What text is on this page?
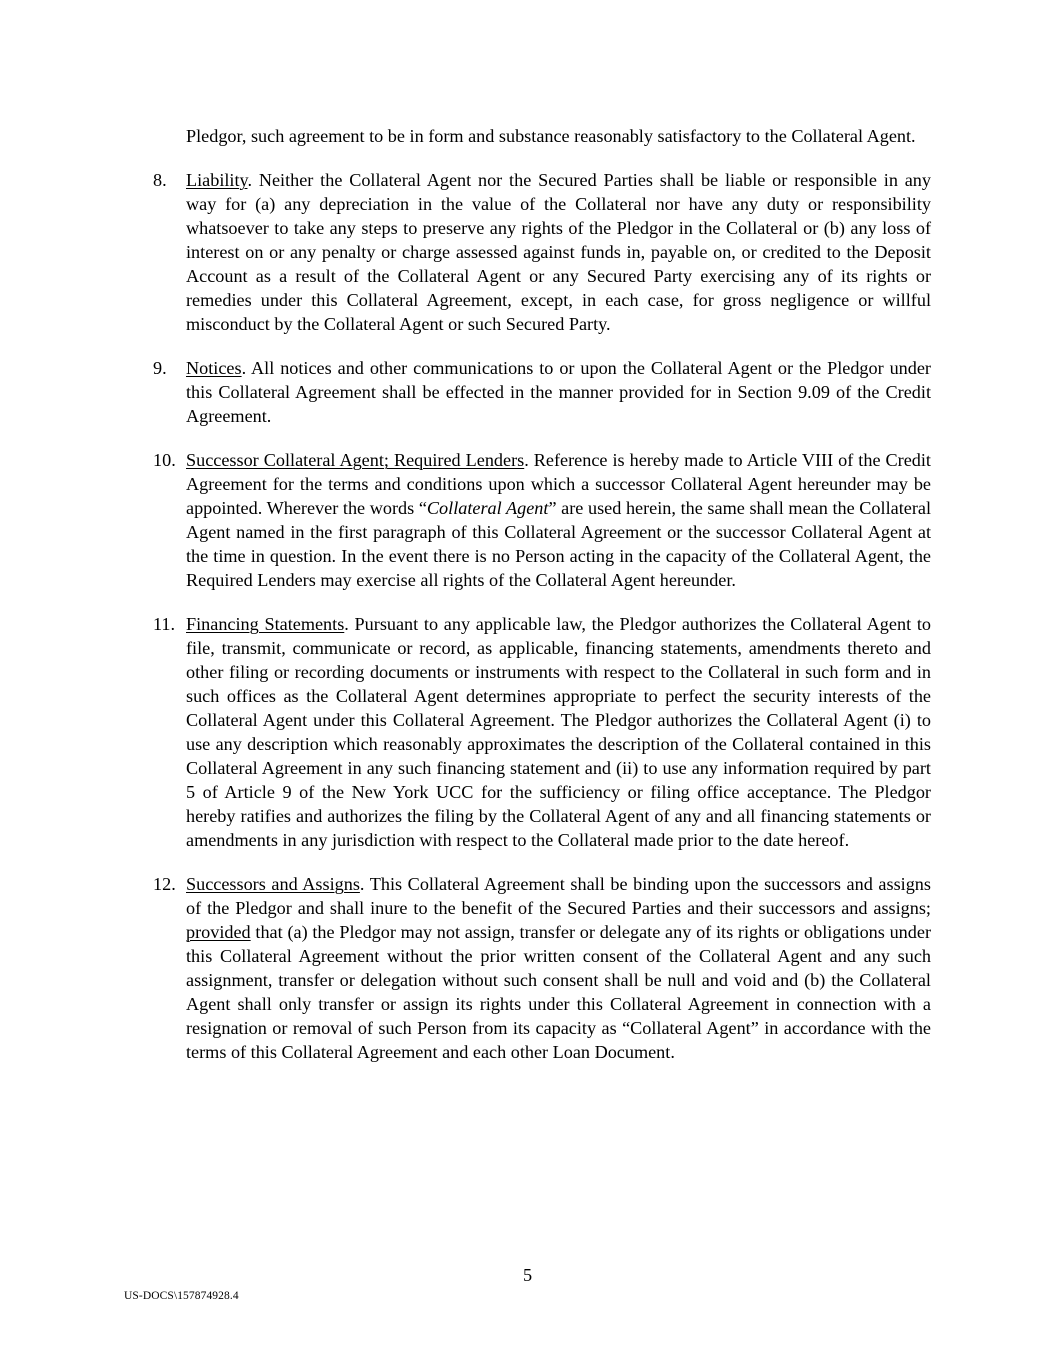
Pledgor, such agreement to be in form and substance reasonably satisfactory to the Collateral Agent.

8.	Liability. Neither the Collateral Agent nor the Secured Parties shall be liable or responsible in any way for (a) any depreciation in the value of the Collateral nor have any duty or responsibility whatsoever to take any steps to preserve any rights of the Pledgor in the Collateral or (b) any loss of interest on or any penalty or charge assessed against funds in, payable on, or credited to the Deposit Account as a result of the Collateral Agent or any Secured Party exercising any of its rights or remedies under this Collateral Agreement, except, in each case, for gross negligence or willful misconduct by the Collateral Agent or such Secured Party.
9.	Notices. All notices and other communications to or upon the Collateral Agent or the Pledgor under this Collateral Agreement shall be effected in the manner provided for in Section 9.09 of the Credit Agreement.
10. Successor Collateral Agent; Required Lenders. Reference is hereby made to Article VIII of the Credit Agreement for the terms and conditions upon which a successor Collateral Agent hereunder may be appointed. Wherever the words “Collateral Agent” are used herein, the same shall mean the Collateral Agent named in the first paragraph of this Collateral Agreement or the successor Collateral Agent at the time in question. In the event there is no Person acting in the capacity of the Collateral Agent, the Required Lenders may exercise all rights of the Collateral Agent hereunder.
11. Financing Statements. Pursuant to any applicable law, the Pledgor authorizes the Collateral Agent to file, transmit, communicate or record, as applicable, financing statements, amendments thereto and other filing or recording documents or instruments with respect to the Collateral in such form and in such offices as the Collateral Agent determines appropriate to perfect the security interests of the Collateral Agent under this Collateral Agreement. The Pledgor authorizes the Collateral Agent (i) to use any description which reasonably approximates the description of the Collateral contained in this Collateral Agreement in any such financing statement and (ii) to use any information required by part 5 of Article 9 of the New York UCC for the sufficiency or filing office acceptance. The Pledgor hereby ratifies and authorizes the filing by the Collateral Agent of any and all financing statements or amendments in any jurisdiction with respect to the Collateral made prior to the date hereof.
12. Successors and Assigns. This Collateral Agreement shall be binding upon the successors and assigns of the Pledgor and shall inure to the benefit of the Secured Parties and their successors and assigns; provided that (a) the Pledgor may not assign, transfer or delegate any of its rights or obligations under this Collateral Agreement without the prior written consent of the Collateral Agent and any such assignment, transfer or delegation without such consent shall be null and void and (b) the Collateral Agent shall only transfer or assign its rights under this Collateral Agreement in connection with a resignation or removal of such Person from its capacity as “Collateral Agent” in accordance with the terms of this Collateral Agreement and each other Loan Document.
5
US-DOCS\157874928.4
